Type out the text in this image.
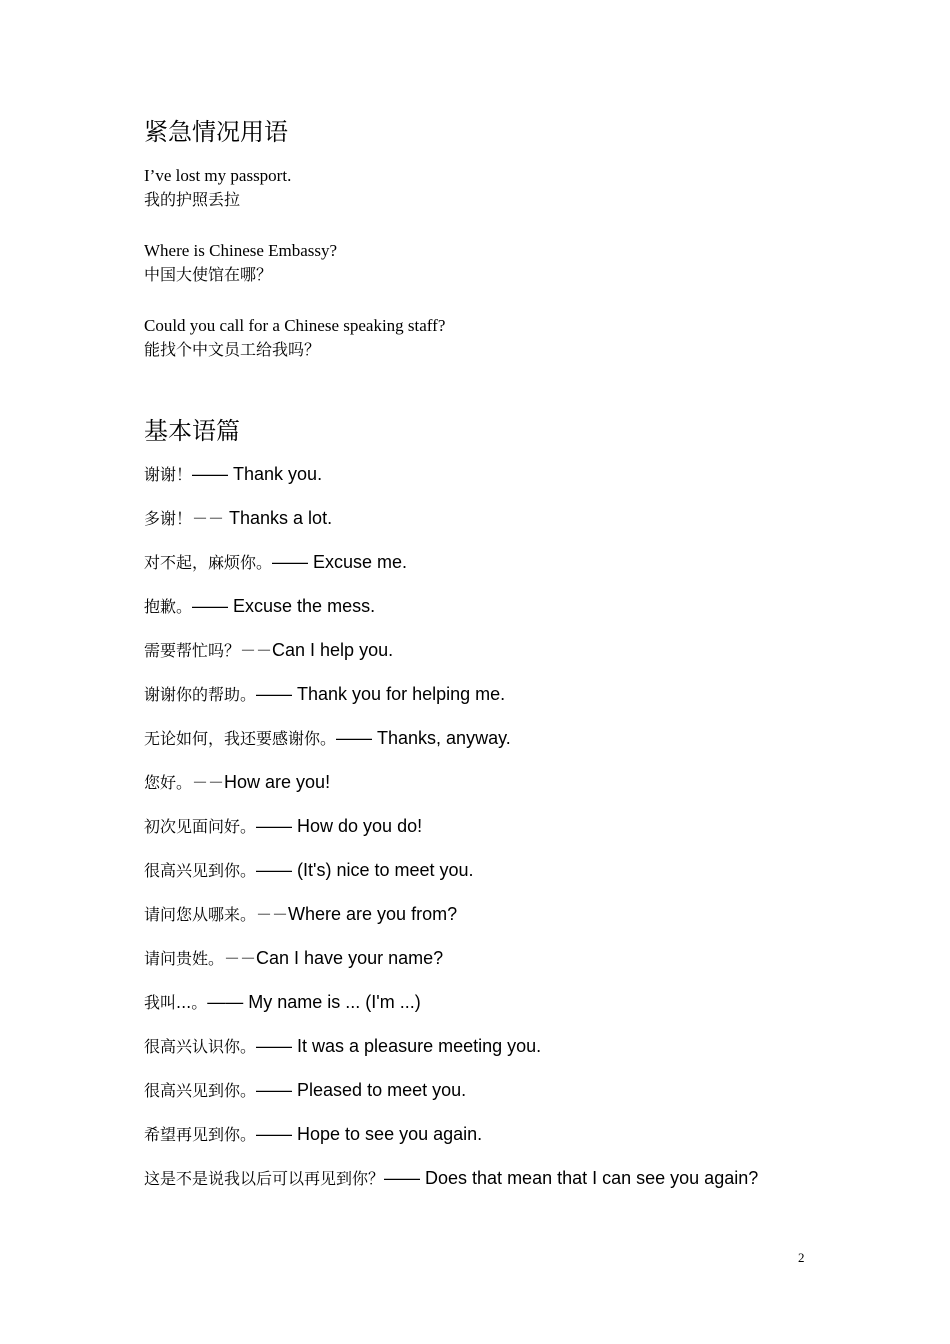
紧急情况用语
I’ve lost my passport.
我的护照丢拉
Where is Chinese Embassy?
中国大使馆在哪？
Could you call for a Chinese speaking staff?
能找个中文员工给我吗？
基本语篇
谢谢！—— Thank you.
多谢！－－ Thanks a lot.
对不起，麻烦你。—— Excuse me.
抱歉。—— Excuse the mess.
需要帮忙吗？－－Can I help you.
谢谢你的帮助。—— Thank you for helping me.
无论如何，我还要感谢你。—— Thanks, anyway.
您好。－－How are you!
初次见面问好。—— How do you do!
很高兴见到你。—— (It's) nice to meet you.
请问您从哪来。－－Where are you from?
请问贵姓。－－Can I have your name?
我叫...。—— My name is ... (I'm ...)
很高兴认识你。—— It was a pleasure meeting you.
很高兴见到你。—— Pleased to meet you.
希望再见到你。—— Hope to see you again.
这是不是说我以后可以再见到你？—— Does that mean that I can see you again?
2
